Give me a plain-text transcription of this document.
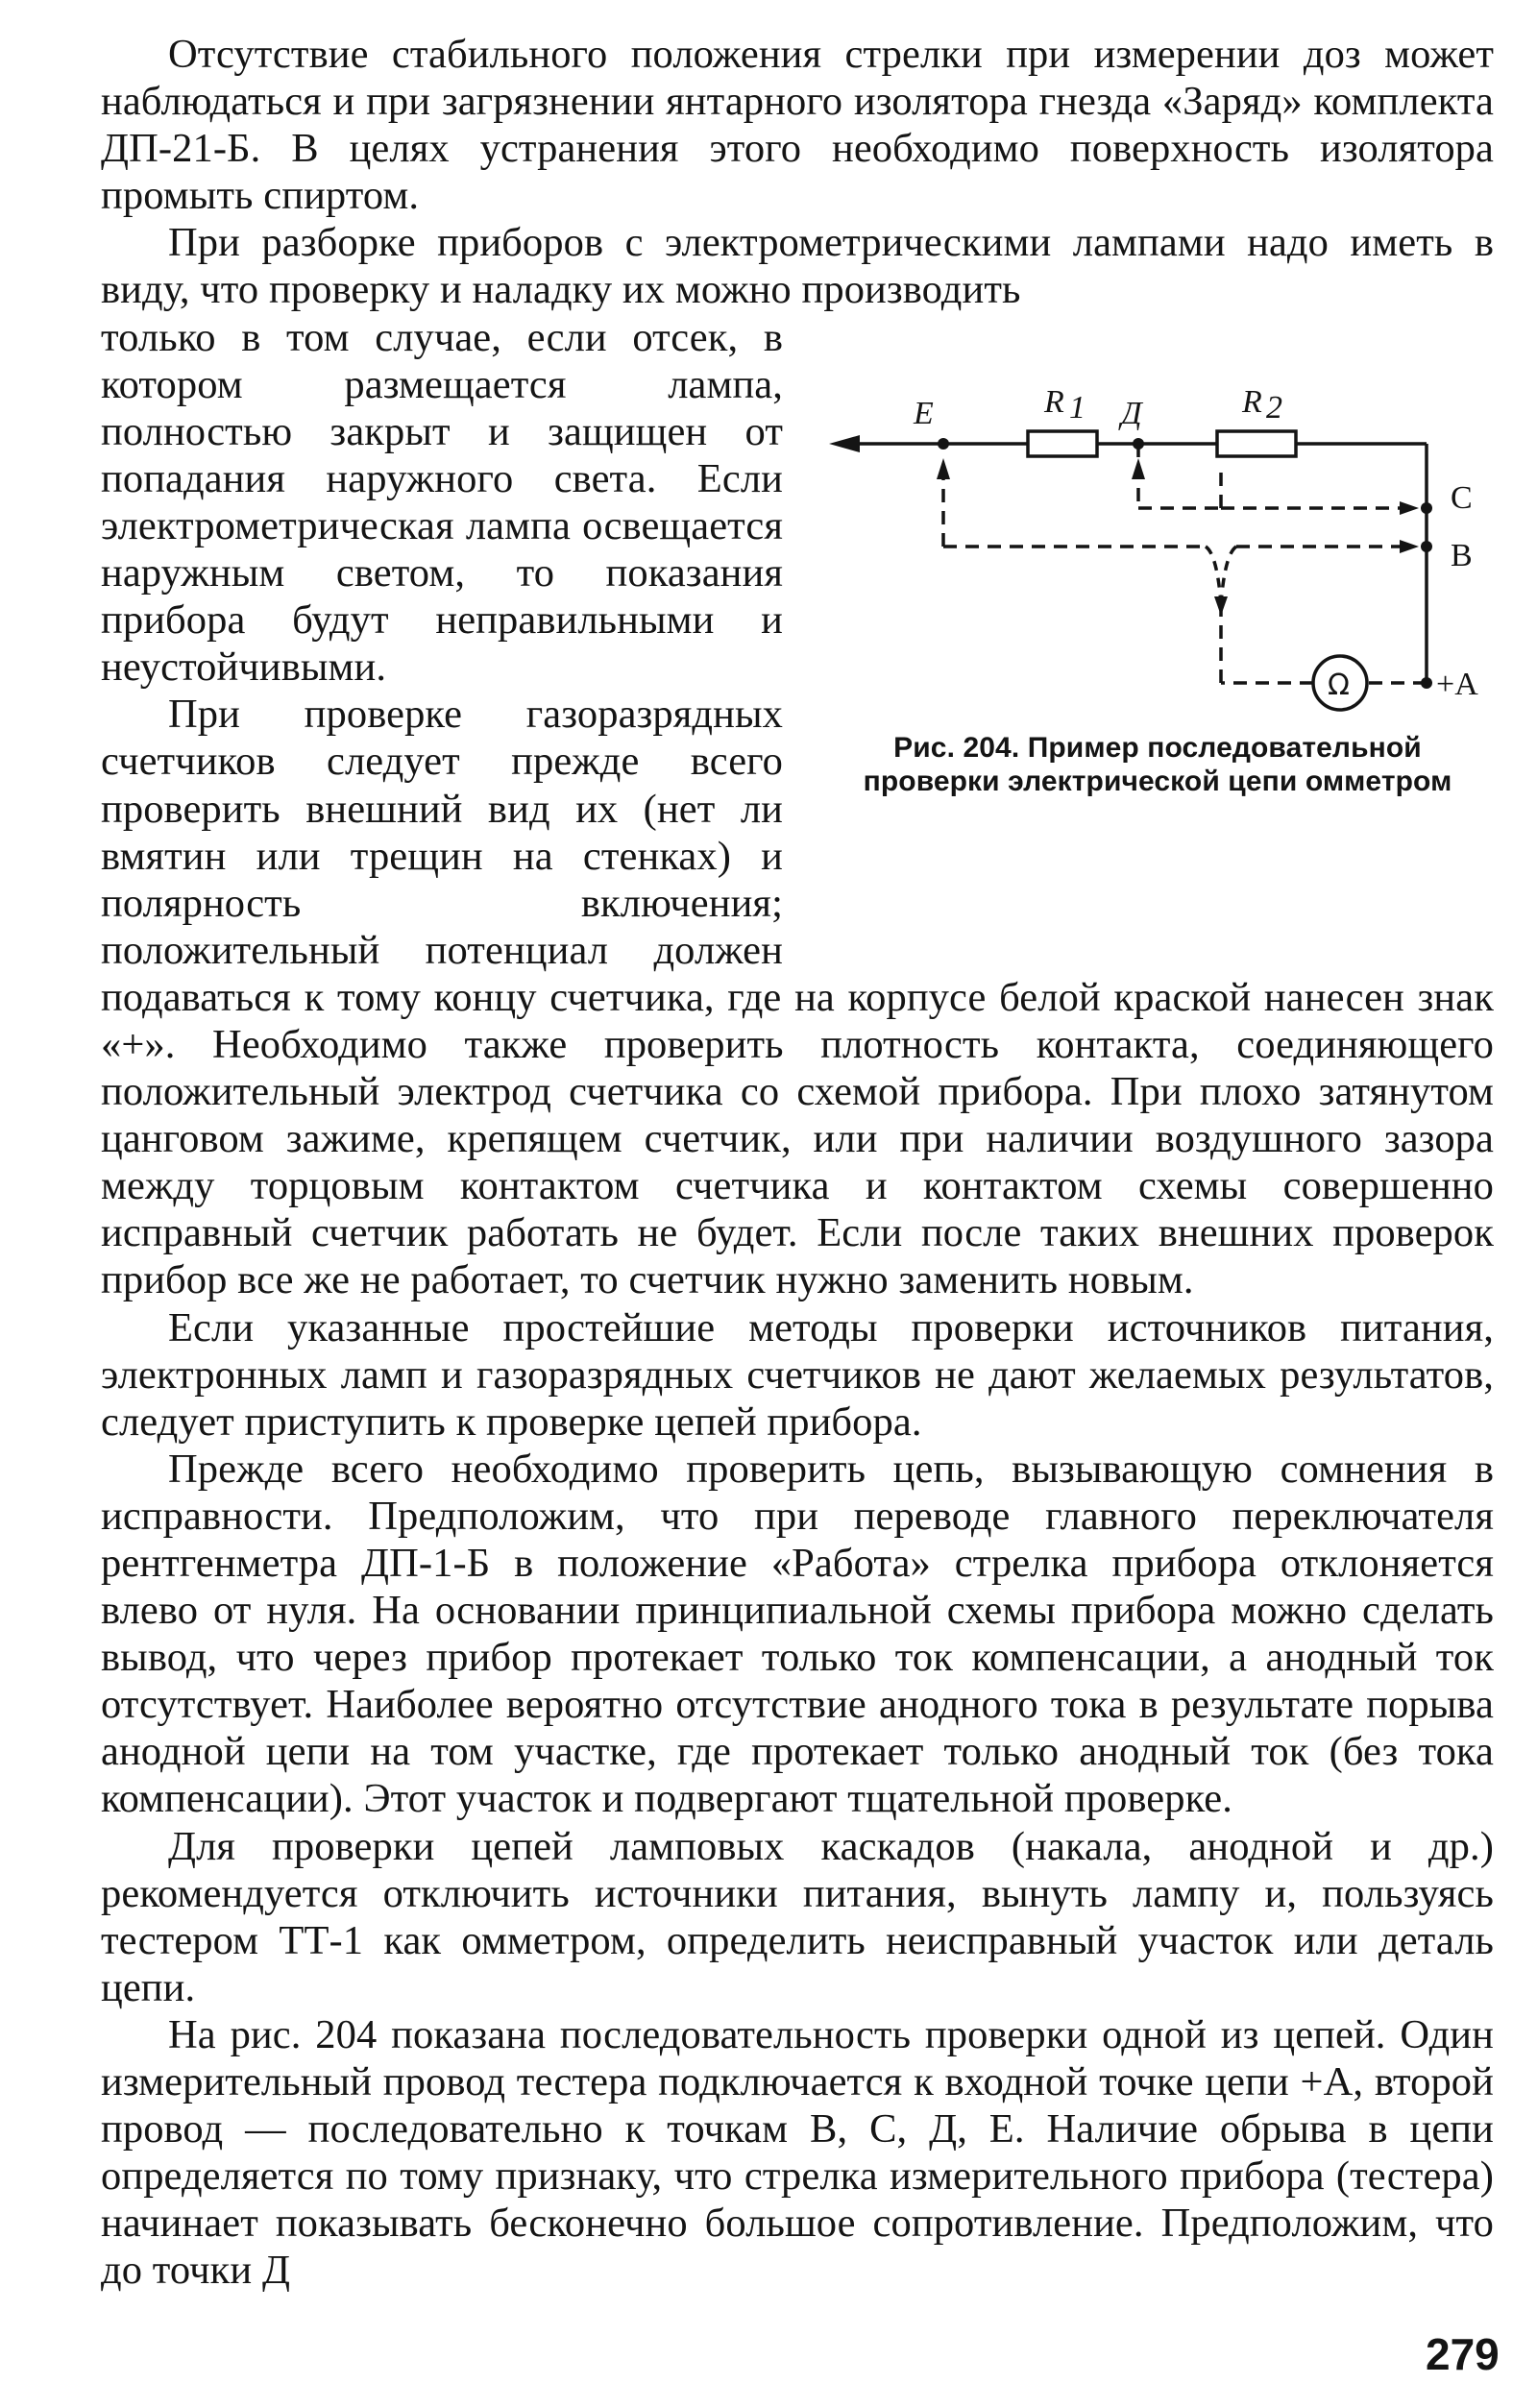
Отсутствие стабильного положения стрелки при измерении доз может наблюдаться и при загрязнении янтарного изолятора гнезда «Заряд» комплекта ДП-21-Б. В целях устранения этого необходимо поверхность изолятора промыть спиртом.

При разборке приборов с электрометрическими лампами надо иметь в виду, что проверку и наладку их можно производить

Е	R 1 Д	R 2
С
В
+А
Ω
Рис. 204. Пример последовательной проверки электрической цепи омметром

только в том случае, если отсек, в котором размещается лампа, полностью закрыт и защищен от попадания наружного света. Если электрометрическая лампа освещается наружным светом, то показания прибора будут неправильными и неустойчивыми.

При проверке газоразрядных счетчиков следует прежде всего проверить внешний вид их (нет ли вмятин или трещин на стенках) и полярность включения; положительный потенциал должен подаваться к тому концу счетчика, где на корпусе белой краской нанесен знак «+». Необходимо также проверить плотность контакта, соединяющего положительный электрод счетчика со схемой прибора. При плохо затянутом цанговом зажиме, крепящем счетчик, или при наличии воздушного зазора между торцовым контактом счетчика и контактом схемы совершенно исправный счетчик работать не будет. Если после таких внешних проверок прибор все же не работает, то счетчик нужно заменить новым.

Если указанные простейшие методы проверки источников питания, электронных ламп и газоразрядных счетчиков не дают желаемых результатов, следует приступить к проверке цепей прибора.

Прежде всего необходимо проверить цепь, вызывающую сомнения в исправности. Предположим, что при переводе главного переключателя рентгенметра ДП-1-Б в положение «Работа» стрелка прибора отклоняется влево от нуля. На основании принципиальной схемы прибора можно сделать вывод, что через прибор протекает только ток компенсации, а анодный ток отсутствует. Наиболее вероятно отсутствие анодного тока в результате порыва анодной цепи на том участке, где протекает только анодный ток (без тока компенсации). Этот участок и подвергают тщательной проверке.

Для проверки цепей ламповых каскадов (накала, анодной и др.) рекомендуется отключить источники питания, вынуть лампу и, пользуясь тестером ТТ-1 как омметром, определить неисправный участок или деталь цепи.

На рис. 204 показана последовательность проверки одной из цепей. Один измерительный провод тестера подключается к входной точке цепи +А, второй провод — последовательно к точкам В, С, Д, Е. Наличие обрыва в цепи определяется по тому признаку, что стрелка измерительного прибора (тестера) начинает показывать бесконечно большое сопротивление. Предположим, что до точки Д

279
